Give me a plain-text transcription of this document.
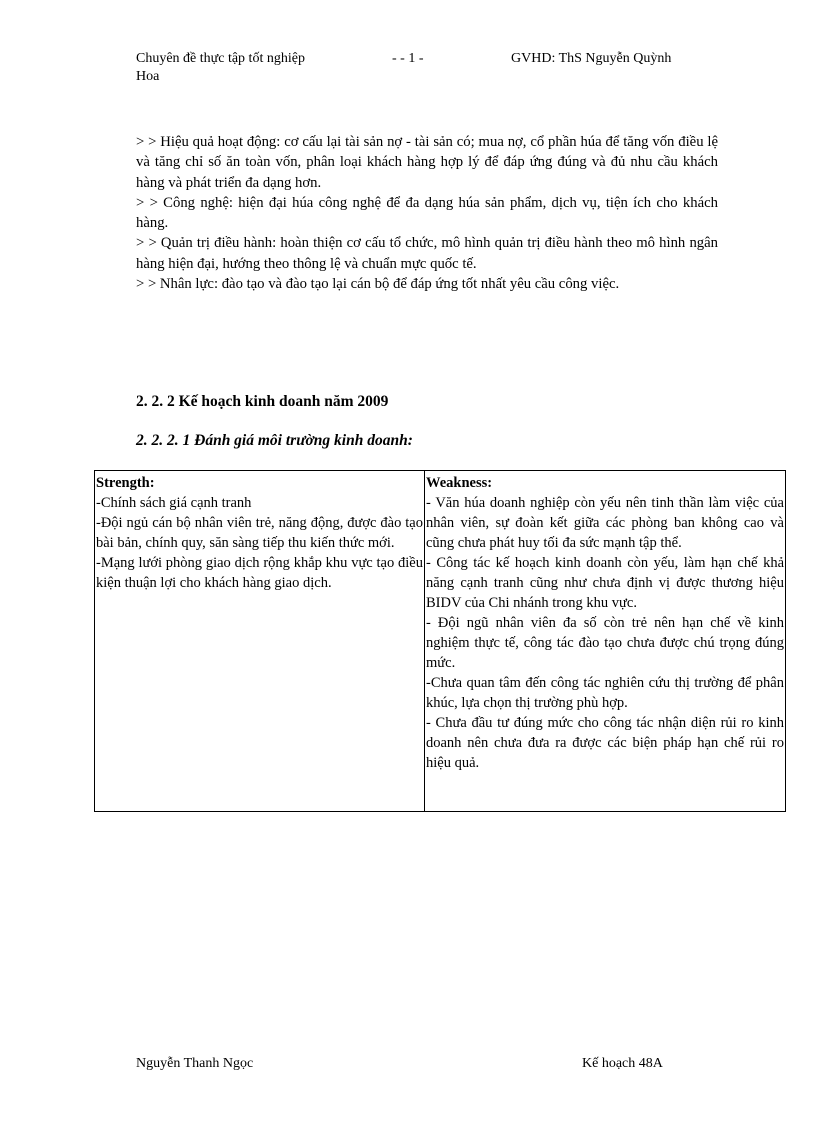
Chuyên đề thực tập tốt nghiệp	- - 1 -	GVHD: ThS Nguyễn Quỳnh
Hoa

> > Hiệu quả hoạt động: cơ cấu lại tài sản nợ - tài sản có; mua nợ, cổ phần húa để tăng vốn điều lệ và tăng chỉ số ăn toàn vốn, phân loại khách hàng hợp lý để đáp ứng đúng và đủ nhu cầu khách hàng và phát triển đa dạng hơn.

> > Công nghệ: hiện đại húa công nghệ để đa dạng húa sản phẩm, dịch vụ, tiện ích cho khách hàng.

> > Quản trị điều hành: hoàn thiện cơ cấu tổ chức, mô hình quản trị điều hành theo mô hình ngân hàng hiện đại, hướng theo thông lệ và chuẩn mực quốc tế.

> > Nhân lực: đào tạo và đào tạo lại cán bộ để đáp ứng tốt nhất yêu cầu công việc.

2. 2. 2 Kế hoạch kinh doanh năm 2009
2. 2. 2. 1 Đánh giá môi trường kinh doanh:
Strength:

-Chính sách giá cạnh tranh

-Đội ngủ cán bộ nhân viên trẻ, năng động, được đào tạo bài bản, chính quy, săn sàng tiếp thu kiến thức mới.

-Mạng lưới phòng giao dịch rộng khắp khu vực tạo điều kiện thuận lợi cho khách hàng giao dịch.

Weakness:

- Văn húa doanh nghiệp còn yếu nên tinh thần làm việc của nhân viên, sự đoàn kết giữa các phòng ban không cao và cũng chưa phát huy tối đa sức mạnh tập thể.

- Công tác kế hoạch kinh doanh còn yếu, làm hạn chế khả năng cạnh tranh cũng như chưa định vị được thương hiệu BIDV của Chi nhánh trong khu vực.

- Đội ngũ nhân viên đa số còn trẻ nên hạn chế về kinh nghiệm thực tế, công tác đào tạo chưa được chú trọng đúng mức.

-Chưa quan tâm đến công tác nghiên cứu thị trường để phân khúc, lựa chọn thị trường phù hợp.

- Chưa đầu tư đúng mức cho công tác nhận diện rủi ro kinh doanh nên chưa đưa ra được các biện pháp hạn chế rủi ro hiệu quả.

Nguyễn Thanh Ngọc	Kế hoạch 48A
